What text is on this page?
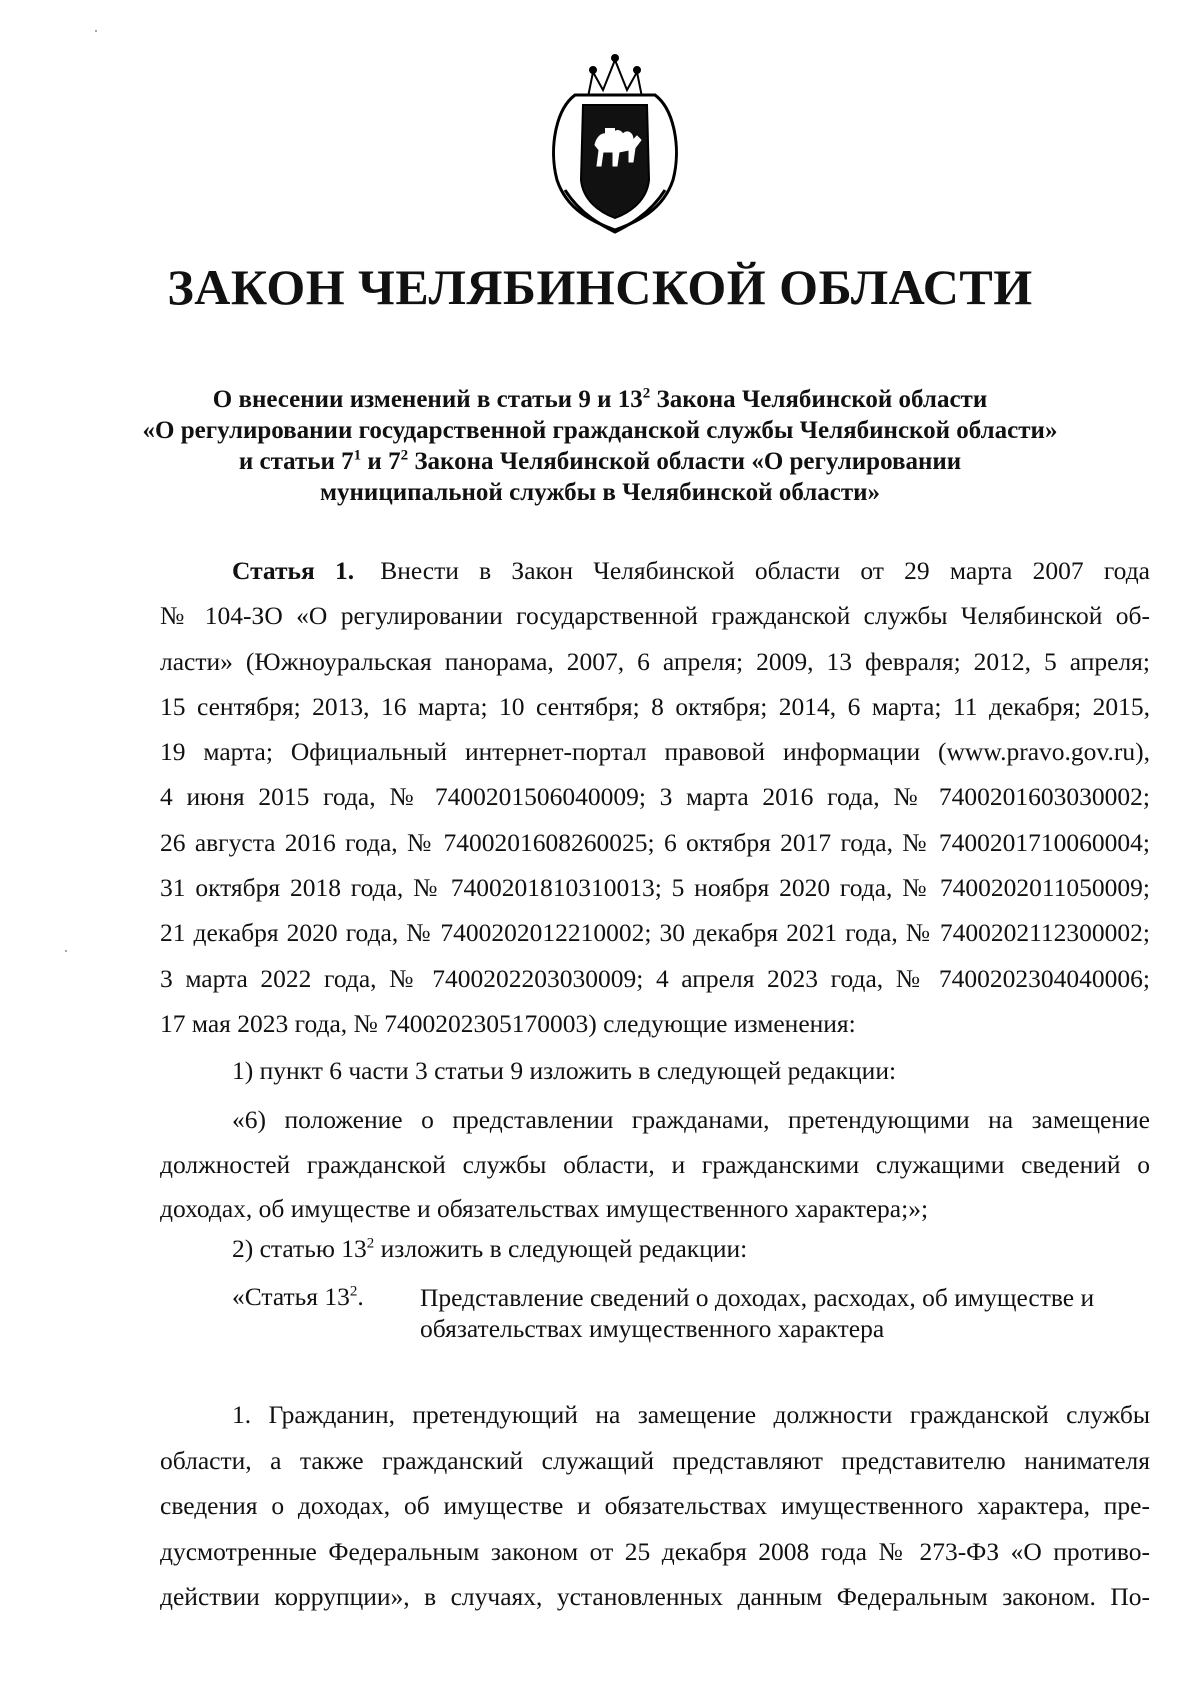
ЗАКОН ЧЕЛЯБИНСКОЙ ОБЛАСТИ
О внесении изменений в статьи 9 и $13^2$ Закона Челябинской области
«О регулировании государственной гражданской службы Челябинской области»
и статьи $7^1$ и $7^2$ Закона Челябинской области «О регулировании
муниципальной службы в Челябинской области»
Статья 1. Внести в Закон Челябинской области от 29 марта 2007 года
№ 104-ЗО «О регулировании государственной гражданской службы Челябинской об-
ласти» (Южноуральская панорама, 2007, 6 апреля; 2009, 13 февраля; 2012, 5 апреля;
15 сентября; 2013, 16 марта; 10 сентября; 8 октября; 2014, 6 марта; 11 декабря; 2015,
19 марта; Официальный интернет-портал правовой информации (www.pravo.gov.ru),
4 июня 2015 года, № 7400201506040009; 3 марта 2016 года, № 7400201603030002;
26 августа 2016 года, № 7400201608260025; 6 октября 2017 года, № 7400201710060004;
31 октября 2018 года, № 7400201810310013; 5 ноября 2020 года, № 7400202011050009;
21 декабря 2020 года, № 7400202012210002; 30 декабря 2021 года, № 7400202112300002;
3 марта 2022 года, № 7400202203030009; 4 апреля 2023 года, № 7400202304040006;
17 мая 2023 года, № 7400202305170003) следующие изменения:

1) пункт 6 части 3 статьи 9 изложить в следующей редакции:

«6) положение о представлении гражданами, претендующими на замещение

должностей гражданской службы области, и гражданскими служащими сведений о

доходах, об имуществе и обязательствах имущественного характера;»;

2) статью $13^2$ изложить в следующей редакции:

«Статья $13^2$. Представление сведений о доходах, расходах, об имуществе и обязательствах имущественного характера

1. Гражданин, претендующий на замещение должности гражданской службы
области, а также гражданский служащий представляют представителю нанимателя
сведения о доходах, об имуществе и обязательствах имущественного характера, пре-
дусмотренные Федеральным законом от 25 декабря 2008 года № 273-ФЗ «О противо-
действии коррупции», в случаях, установленных данным Федеральным законом. По-
